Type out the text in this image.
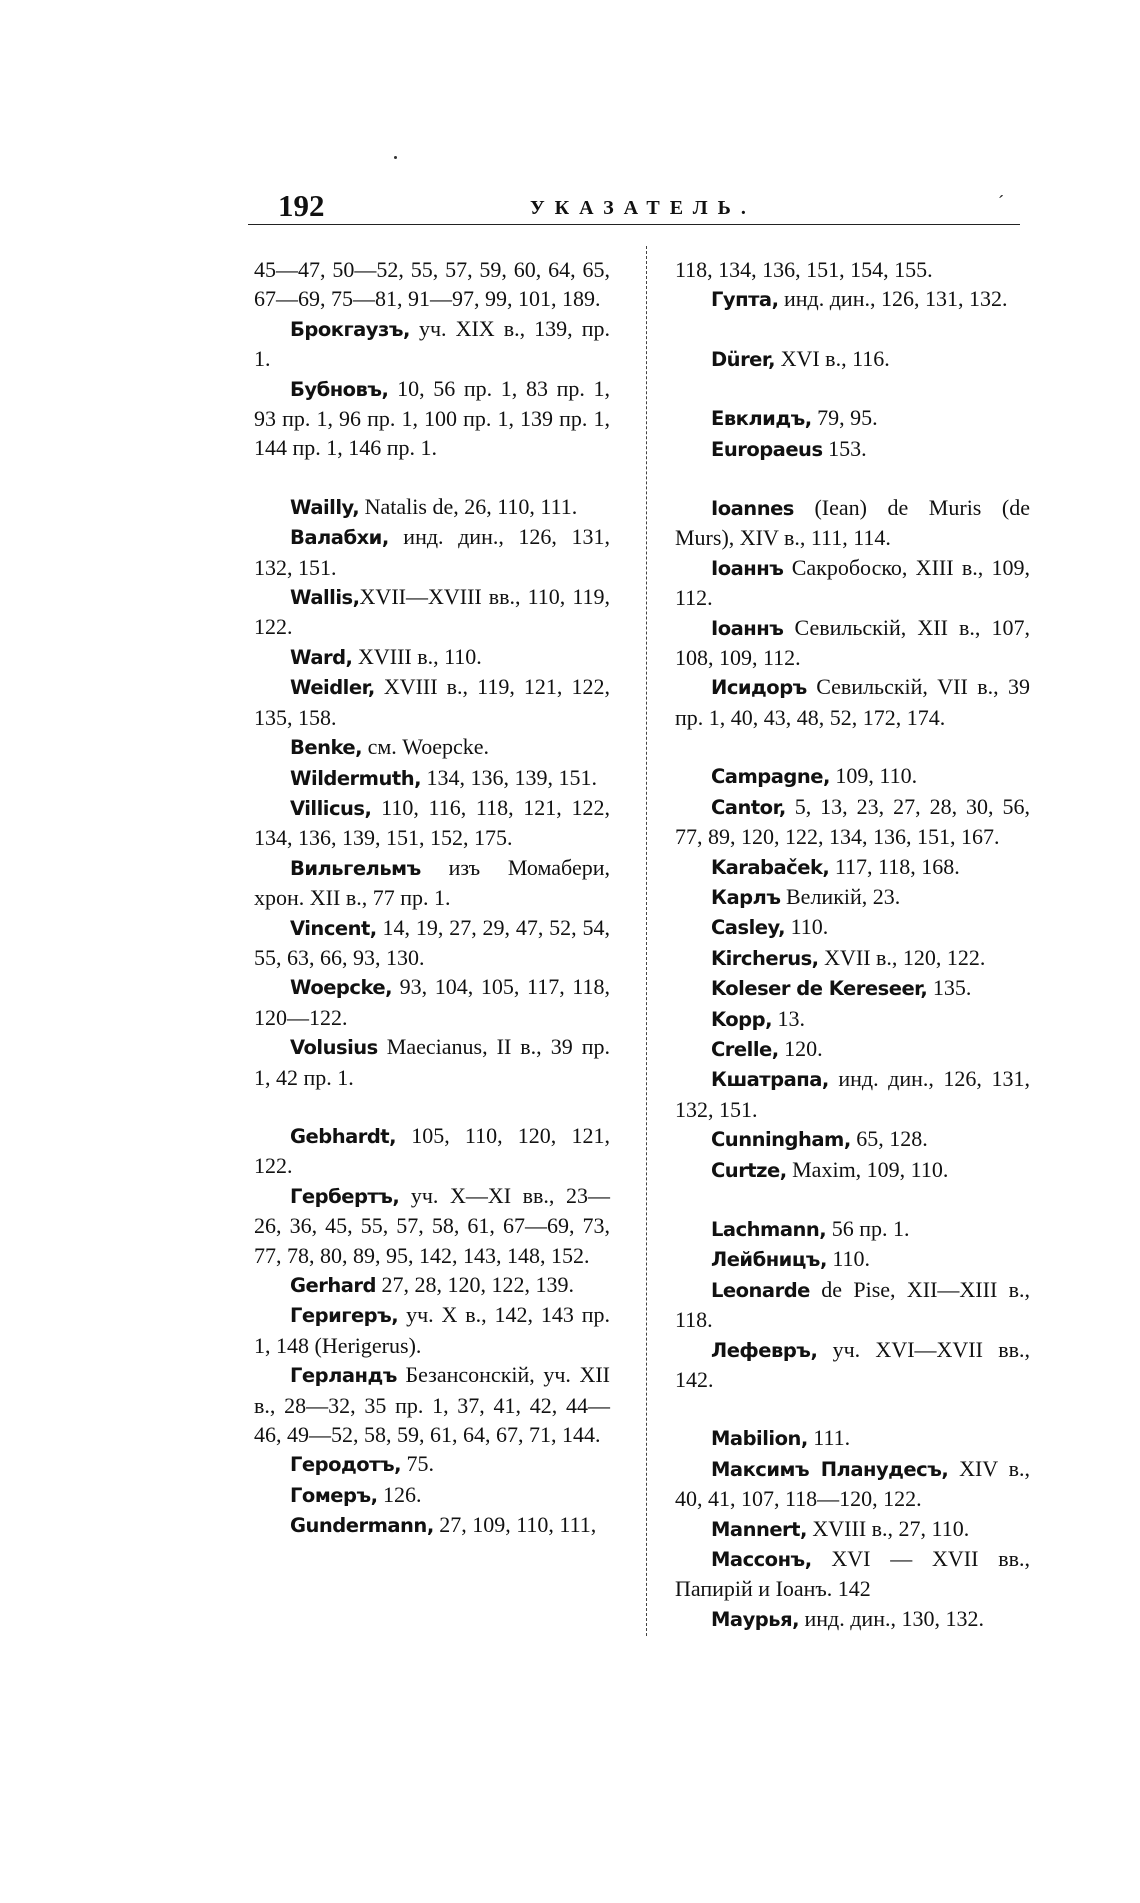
192	УКАЗАТЕЛЬ.	ˊ
45—47, 50—52, 55, 57, 59, 60, 64, 65, 67—69, 75—81, 91—97, 99, 101, 189.
Брокгаузъ, уч. XIX в., 139, пр. 1.
Бубновъ, 10, 56 пр. 1, 83 пр. 1, 93 пр. 1, 96 пр. 1, 100 пр. 1, 139 пр. 1, 144 пр. 1, 146 пр. 1.
Wailly, Natalis de, 26, 110, 111.
Валабхи, инд. дин., 126, 131, 132, 151.
Wallis,XVII—XVIII вв., 110, 119, 122.
Ward, XVIII в., 110.
Weidler, XVIII в., 119, 121, 122, 135, 158.
Benke, см. Woepcke.
Wildermuth, 134, 136, 139, 151.
Villicus, 110, 116, 118, 121, 122, 134, 136, 139, 151, 152, 175.
Вильгельмъ изъ Момабери, хрон. XII в., 77 пр. 1.
Vincent, 14, 19, 27, 29, 47, 52, 54, 55, 63, 66, 93, 130.
Woepcke, 93, 104, 105, 117, 118, 120—122.
Volusius Maecianus, II в., 39 пр. 1, 42 пр. 1.
Gebhardt, 105, 110, 120, 121, 122.
Гербертъ, уч. X—XI вв., 23—26, 36, 45, 55, 57, 58, 61, 67—69, 73, 77, 78, 80, 89, 95, 142, 143, 148, 152.
Gerhard 27, 28, 120, 122, 139.
Геригеръ, уч. X в., 142, 143 пр. 1, 148 (Herigerus).
Герландъ Безансонскій, уч. XII в., 28—32, 35 пр. 1, 37, 41, 42, 44—46, 49—52, 58, 59, 61, 64, 67, 71, 144.
Геродотъ, 75.
Гомеръ, 126.
Gundermann, 27, 109, 110, 111,
118, 134, 136, 151, 154, 155.
Гупта, инд. дин., 126, 131, 132.
Dürer, XVI в., 116.
Евклидъ, 79, 95.
Europaeus 153.
Ioannes (Iean) de Muris (de Murs), XIV в., 111, 114.
Іоаннъ Сакробоско, XIII в., 109, 112.
Іоаннъ Севильскій, XII в., 107, 108, 109, 112.
Исидоръ Севильскій, VII в., 39 пр. 1, 40, 43, 48, 52, 172, 174.
Campagne, 109, 110.
Cantor, 5, 13, 23, 27, 28, 30, 56, 77, 89, 120, 122, 134, 136, 151, 167.
Karabaček, 117, 118, 168.
Карлъ Великій, 23.
Casley, 110.
Kircherus, XVII в., 120, 122.
Koleser de Kereseer, 135.
Kopp, 13.
Crelle, 120.
Кшатрапа, инд. дин., 126, 131, 132, 151.
Cunningham, 65, 128.
Curtze, Maxim, 109, 110.
Lachmann, 56 пр. 1.
Лейбницъ, 110.
Leonarde de Pise, XII—XIII в., 118.
Лефевръ, уч. XVI—XVII вв., 142.
Mabilion, 111.
Максимъ Планудесъ, XIV в., 40, 41, 107, 118—120, 122.
Mannert, XVIII в., 27, 110.
Массонъ, XVI — XVII вв., Папирій и Іоанъ. 142
Маурья, инд. дин., 130, 132.
